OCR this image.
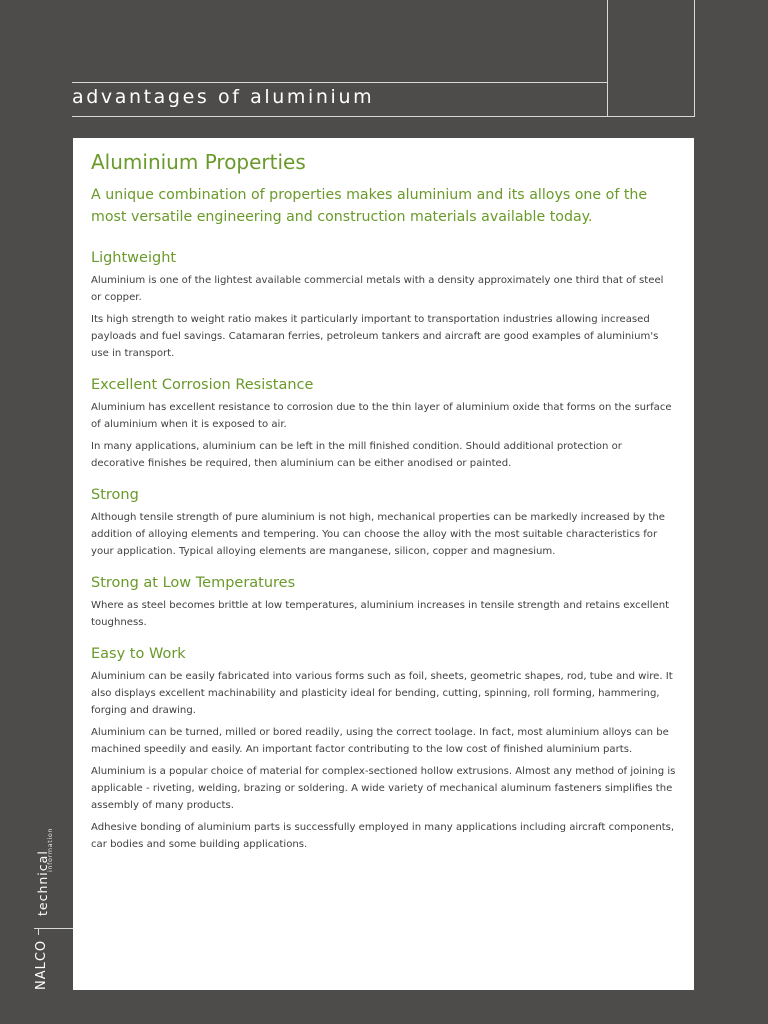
advantages of aluminium
NALCO
technical
information
Aluminium Properties

A unique combination of properties makes aluminium and its alloys one of the most versatile engineering and construction materials available today.

Lightweight

Aluminium is one of the lightest available commercial metals with a density approximately one third that of steel or copper.

Its high strength to weight ratio makes it particularly important to transportation industries allowing increased payloads and fuel savings. Catamaran ferries, petroleum tankers and aircraft are good examples of aluminium's use in transport.

Excellent Corrosion Resistance

Aluminium has excellent resistance to corrosion due to the thin layer of aluminium oxide that forms on the surface of aluminium when it is exposed to air.

In many applications, aluminium can be left in the mill finished condition. Should additional protection or decorative finishes be required, then aluminium can be either anodised or painted.

Strong

Although tensile strength of pure aluminium is not high, mechanical properties can be markedly increased by the addition of alloying elements and tempering. You can choose the alloy with the most suitable characteristics for your application. Typical alloying elements are manganese, silicon, copper and magnesium.

Strong at Low Temperatures

Where as steel becomes brittle at low temperatures, aluminium increases in tensile strength and retains excellent toughness.

Easy to Work

Aluminium can be easily fabricated into various forms such as foil, sheets, geometric shapes, rod, tube and wire. It also displays excellent machinability and plasticity ideal for bending, cutting, spinning, roll forming, hammering, forging and drawing.

Aluminium can be turned, milled or bored readily, using the correct toolage. In fact, most aluminium alloys can be machined speedily and easily. An important factor contributing to the low cost of finished aluminium parts.

Aluminium is a popular choice of material for complex-sectioned hollow extrusions. Almost any method of joining is applicable - riveting, welding, brazing or soldering. A wide variety of mechanical aluminum fasteners simplifies the assembly of many products.

Adhesive bonding of aluminium parts is successfully employed in many applications including aircraft components, car bodies and some building applications.
